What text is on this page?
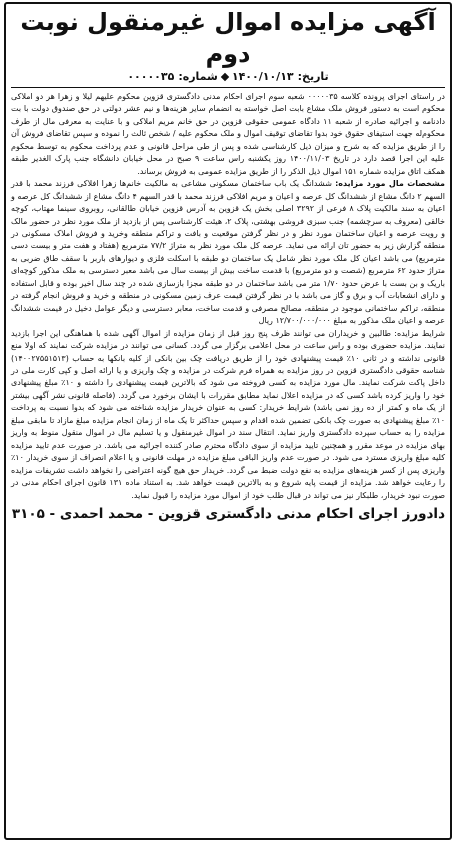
آگهی مزایده اموال غیرمنقول نوبت دوم
تاریخ:
۱۴۰۰/۱۰/۱۳
شماره:
۰۰۰۰۰۳۵

در راستای اجرای پرونده کلاسه ۰۰۰۰۰۳۵ شعبه سوم اجرای احکام مدنی دادگستری قزوین محکوم علیهم لیلا و زهرا هر دو املاکی محکوم است به دستور فروش ملک مشاع بابت اصل خواسته به انضمام سایر هزینه‌ها و نیم عشر دولتی در حق صندوق دولت با بت دادنامه و اجرائیه صادره از شعبه ۱۱ دادگاه عمومی حقوقی قزوین در حق خانم مریم املاکی و با عنایت به معرفی مال از طرف محکوم‌له جهت استیفای حقوق خود بدوا تقاضای توقیف اموال و ملک محکوم علیه / شخص ثالث را نموده و سپس تقاضای فروش آن را از طریق مزایده که به شرح و میزان ذیل کارشناسی شده و پس از طی مراحل قانونی و عدم پرداخت محکوم به توسط محکوم علیه این اجرا قصد دارد در تاریخ ۱۴۰۰/۱۱/۰۳ روز یکشنبه راس ساعت ۹ صبح در محل خیابان دانشگاه جنب پارک الغدیر طبقه همکف اتاق مزایده شماره ۱۵۱ اموال ذیل الذکر را از طریق مزایده عمومی به فروش برساند.

مشخصات مال مورد مزایده: ششدانگ یک باب ساختمان مسکونی مشاعی به مالکیت خانم‌ها زهرا افلاکی فرزند محمد با قدر السهم ۲ دانگ مشاع از ششدانگ کل عرصه و اعیان و مریم افلاکی فرزند محمد با قدر السهم ۴ دانگ مشاع از ششدانگ کل عرصه و اعیان به سند مالکیت پلاک ۸ فرعی از ۳۲۹۲ اصلی بخش یک قزوین به آدرس قزوین خیابان طالقانی، روبروی سینما مهتاب، کوچه خالقی (معروف به سرچشمه) جنب سبزی فروشی بهشتی، پلاک ۲، هیئت کارشناسی پس از بازدید از ملک مورد نظر در حضور مالک و رویت عرصه و اعیان ساختمان مورد نظر و در نظر گرفتن موقعیت و بافت و تراکم منطقه وخرید و فروش املاک مسکونی در منطقه گزارش زیر به حضور تان ارائه می نماید. عرصه کل ملک مورد نظر به متراژ ۷۷/۲ مترمربع (هفتاد و هفت متر و بیست دسی مترمربع) می باشد اعیان کل ملک مورد نظر شامل یک ساختمان دو طبقه با اسکلت فلزی و دیوارهای باربر با سقف طاق ضربی به متراژ حدود ۶۲ مترمربع (شصت و دو مترمربع) با قدمت ساخت بیش از بیست سال می باشد معبر دسترسی به ملک مذکور کوچه‌ای باریک و بن بست با عرض حدود ۱/۷۰ متر می باشد ساختمان در دو طبقه مجزا بازسازی شده در چند سال اخیر بوده و قابل استفاده و دارای انشعابات آب و برق و گاز می باشد با در نظر گرفتن قیمت عرف زمین مسکونی در منطقه و خرید و فروش انجام گرفته در منطقه، تراکم ساختمانی موجود در منطقه، مصالح مصرفی و قدمت ساخت، معابر دسترسی و دیگر عوامل دخیل در قیمت ششدانگ عرصه و اعیان ملک مذکور به مبلغ ۱۲/۷۰۰/۰۰۰/۰۰۰ ریال

شرایط مزایده: طالبین و خریداران می توانند ظرف پنج روز قبل از زمان مزایده از اموال آگهی شده با هماهنگی این اجرا بازدید نمایند. مزایده حضوری بوده و راس ساعت در محل اعلامی برگزار می گردد. کسانی می توانند در مزایده شرکت نمایند که اولا منع قانونی نداشته و در ثانی ۱۰٪ قیمت پیشنهادی خود را از طریق دریافت چک بین بانکی از کلیه بانکها به حساب (۱۴۰۰۲۷۵۵۱۵۱۳) شناسه حقوقی دادگستری قزوین در روز مزایده به همراه فرم شرکت در مزایده و چک واریزی و یا ارائه اصل و کپی کارت ملی در داخل پاکت شرکت نمایند. مال مورد مزایده به کسی فروخته می شود که بالاترین قیمت پیشنهادی را داشته و ۱۰٪ مبلغ پیشنهادی خود را واریز کرده باشد کسی که در مزایده اعلال نماید مطابق مقررات با ایشان برخورد می گردد. (فاصله قانونی نشر آگهی بیشتر از یک ماه و کمتر از ده روز نمی باشد) شرایط خریدار: کسی به عنوان خریدار مزایده شناخته می شود که بدوا نسبت به پرداخت ۱۰٪ مبلغ پیشنهادی به صورت چک بانکی تضمین شده اقدام و سپس حداکثر تا یک ماه از زمان انجام مزایده مبلغ مازاد تا مابقی مبلغ مزایده را به حساب سپرده دادگستری واریز نماید. انتقال سند در اموال غیرمنقول و یا تسلیم مال در اموال منقول منوط به واریز بهای مزایده در موعد مقرر و همچنین تایید مزایده از سوی دادگاه محترم صادر کننده اجرائیه می باشد. در صورت عدم تایید مزایده کلیه مبلغ واریزی مسترد می شود. در صورت عدم واریز الباقی مبلغ مزایده در مهلت قانونی و یا اعلام انصراف از سوی خریدار ۱۰٪ واریزی پس از کسر هزینه‌های مزایده به نفع دولت ضبط می گردد. خریدار حق هیچ گونه اعتراضی را نخواهد داشت تشریفات مزایده را رعایت خواهد شد. مزایده از قیمت پایه شروع و به بالاترین قیمت خواهد شد. به استناد ماده ۱۳۱ قانون اجرای احکام مدنی در صورت نبود خریدار، طلبکار نیز می تواند در قبال طلب خود از اموال مورد مزایده را قبول نماید.

دادورز اجرای احکام مدنی دادگستری قزوین - محمد احمدی - ۳۱۰۵
